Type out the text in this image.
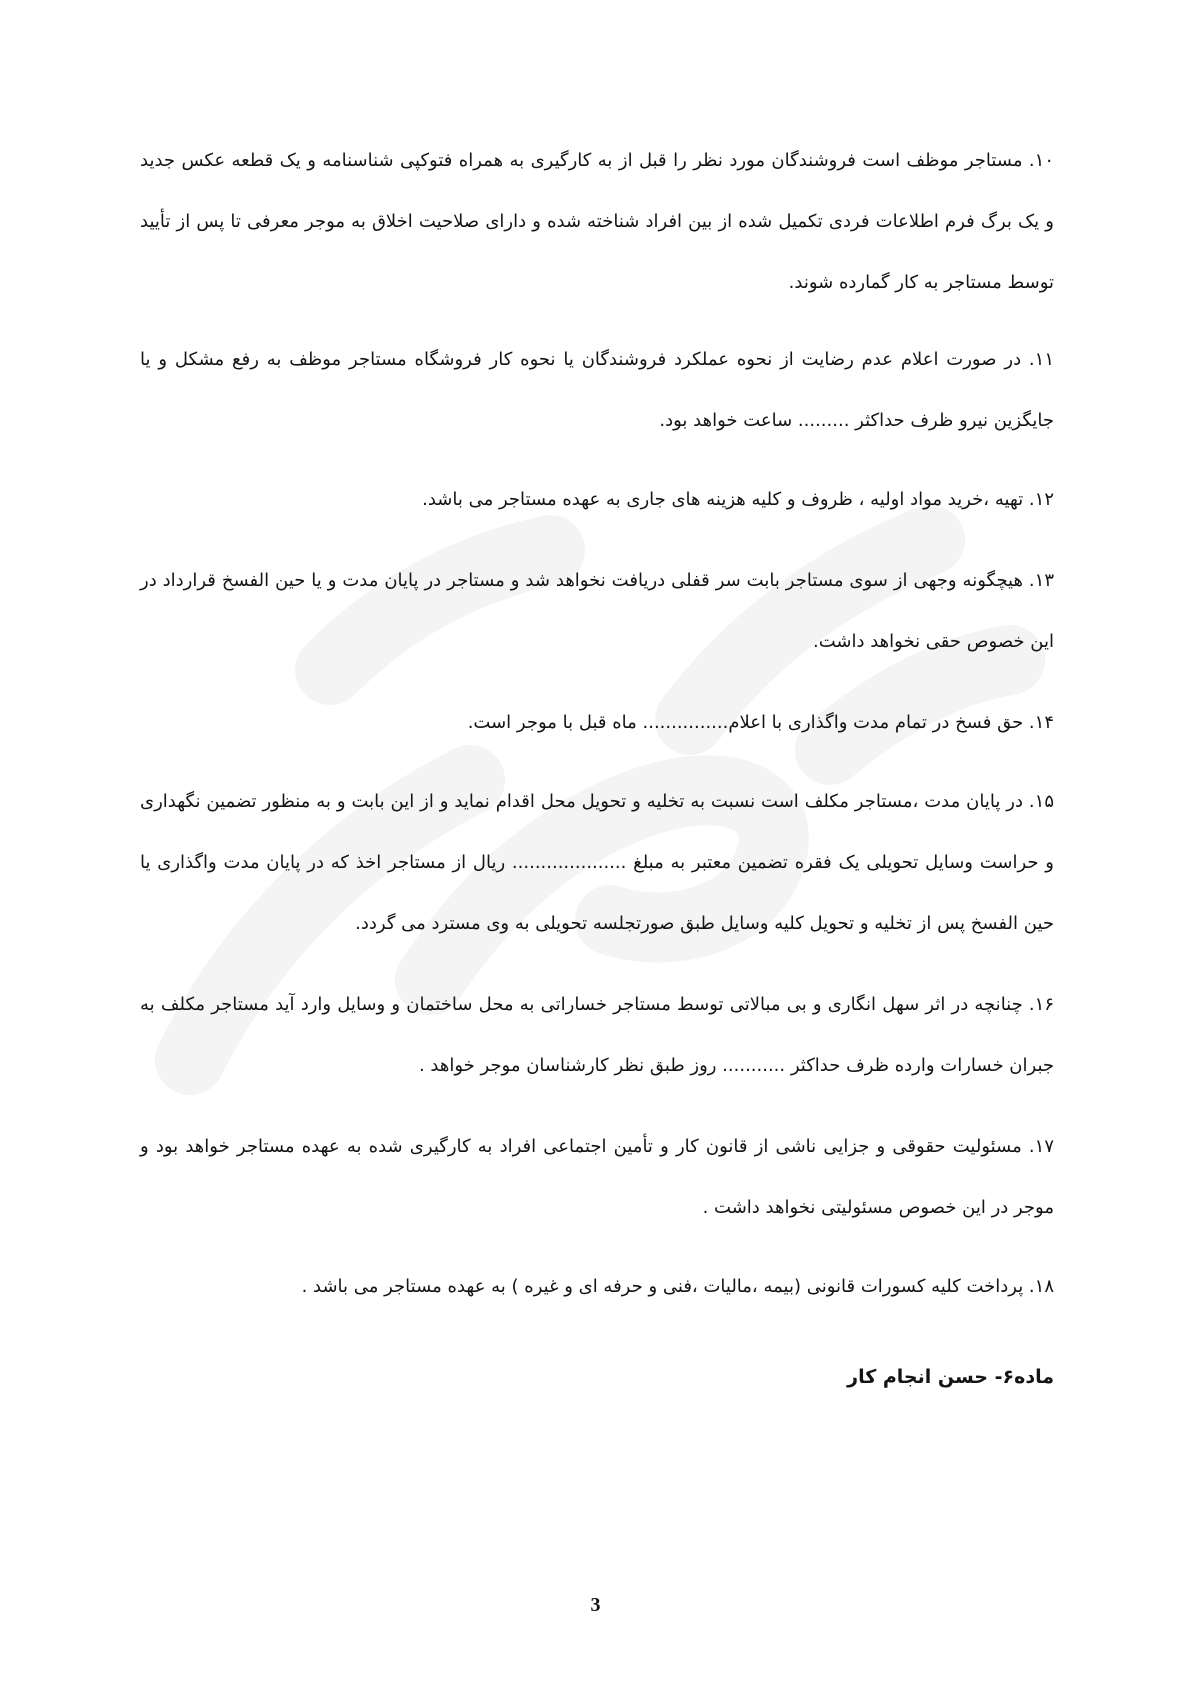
۱۰. مستاجر موظف است فروشندگان مورد نظر را قبل از به کارگیری به همراه فتوکپی شناسنامه و یک قطعه عکس جدید و یک برگ فرم اطلاعات فردی تکمیل شده از بین افراد شناخته شده و دارای صلاحیت اخلاق به موجر معرفی تا پس از تأیید توسط مستاجر به کار گمارده شوند.

۱۱. در صورت اعلام عدم رضایت از نحوه عملکرد فروشندگان یا نحوه کار فروشگاه مستاجر موظف به رفع مشکل و یا جایگزین نیرو ظرف حداکثر ......... ساعت خواهد بود.

۱۲. تهیه ،خرید مواد اولیه ، ظروف و کلیه هزینه های جاری به عهده مستاجر می باشد.

۱۳. هیچگونه وجهی از سوی مستاجر بابت سر قفلی دریافت نخواهد شد و مستاجر در پایان مدت و یا حین الفسخ قرارداد در این خصوص حقی نخواهد داشت.

۱۴. حق فسخ در تمام مدت واگذاری با اعلام............... ماه قبل با موجر است.

۱۵. در پایان مدت ،مستاجر مکلف است نسبت به تخلیه و تحویل محل اقدام نماید و از این بابت و به منظور تضمین نگهداری و حراست وسایل تحویلی یک فقره تضمین معتبر به مبلغ .................... ریال از مستاجر اخذ که در پایان مدت واگذاری یا حین الفسخ پس از تخلیه و تحویل کلیه وسایل طبق صورتجلسه تحویلی به وی مسترد می گردد.

۱۶. چنانچه در اثر سهل انگاری و بی مبالاتی توسط مستاجر خساراتی به محل ساختمان و وسایل وارد آید مستاجر مکلف به جبران خسارات وارده ظرف حداکثر ........... روز طبق نظر کارشناسان موجر خواهد .

۱۷. مسئولیت حقوقی و جزایی ناشی از قانون کار و تأمین اجتماعی افراد به کارگیری شده به عهده مستاجر خواهد بود و موجر در این خصوص مسئولیتی نخواهد داشت .

۱۸. پرداخت کلیه کسورات قانونی (بیمه ،مالیات ،فنی و حرفه ای و غیره ) به عهده مستاجر می باشد .

ماده۶- حسن انجام کار
3
